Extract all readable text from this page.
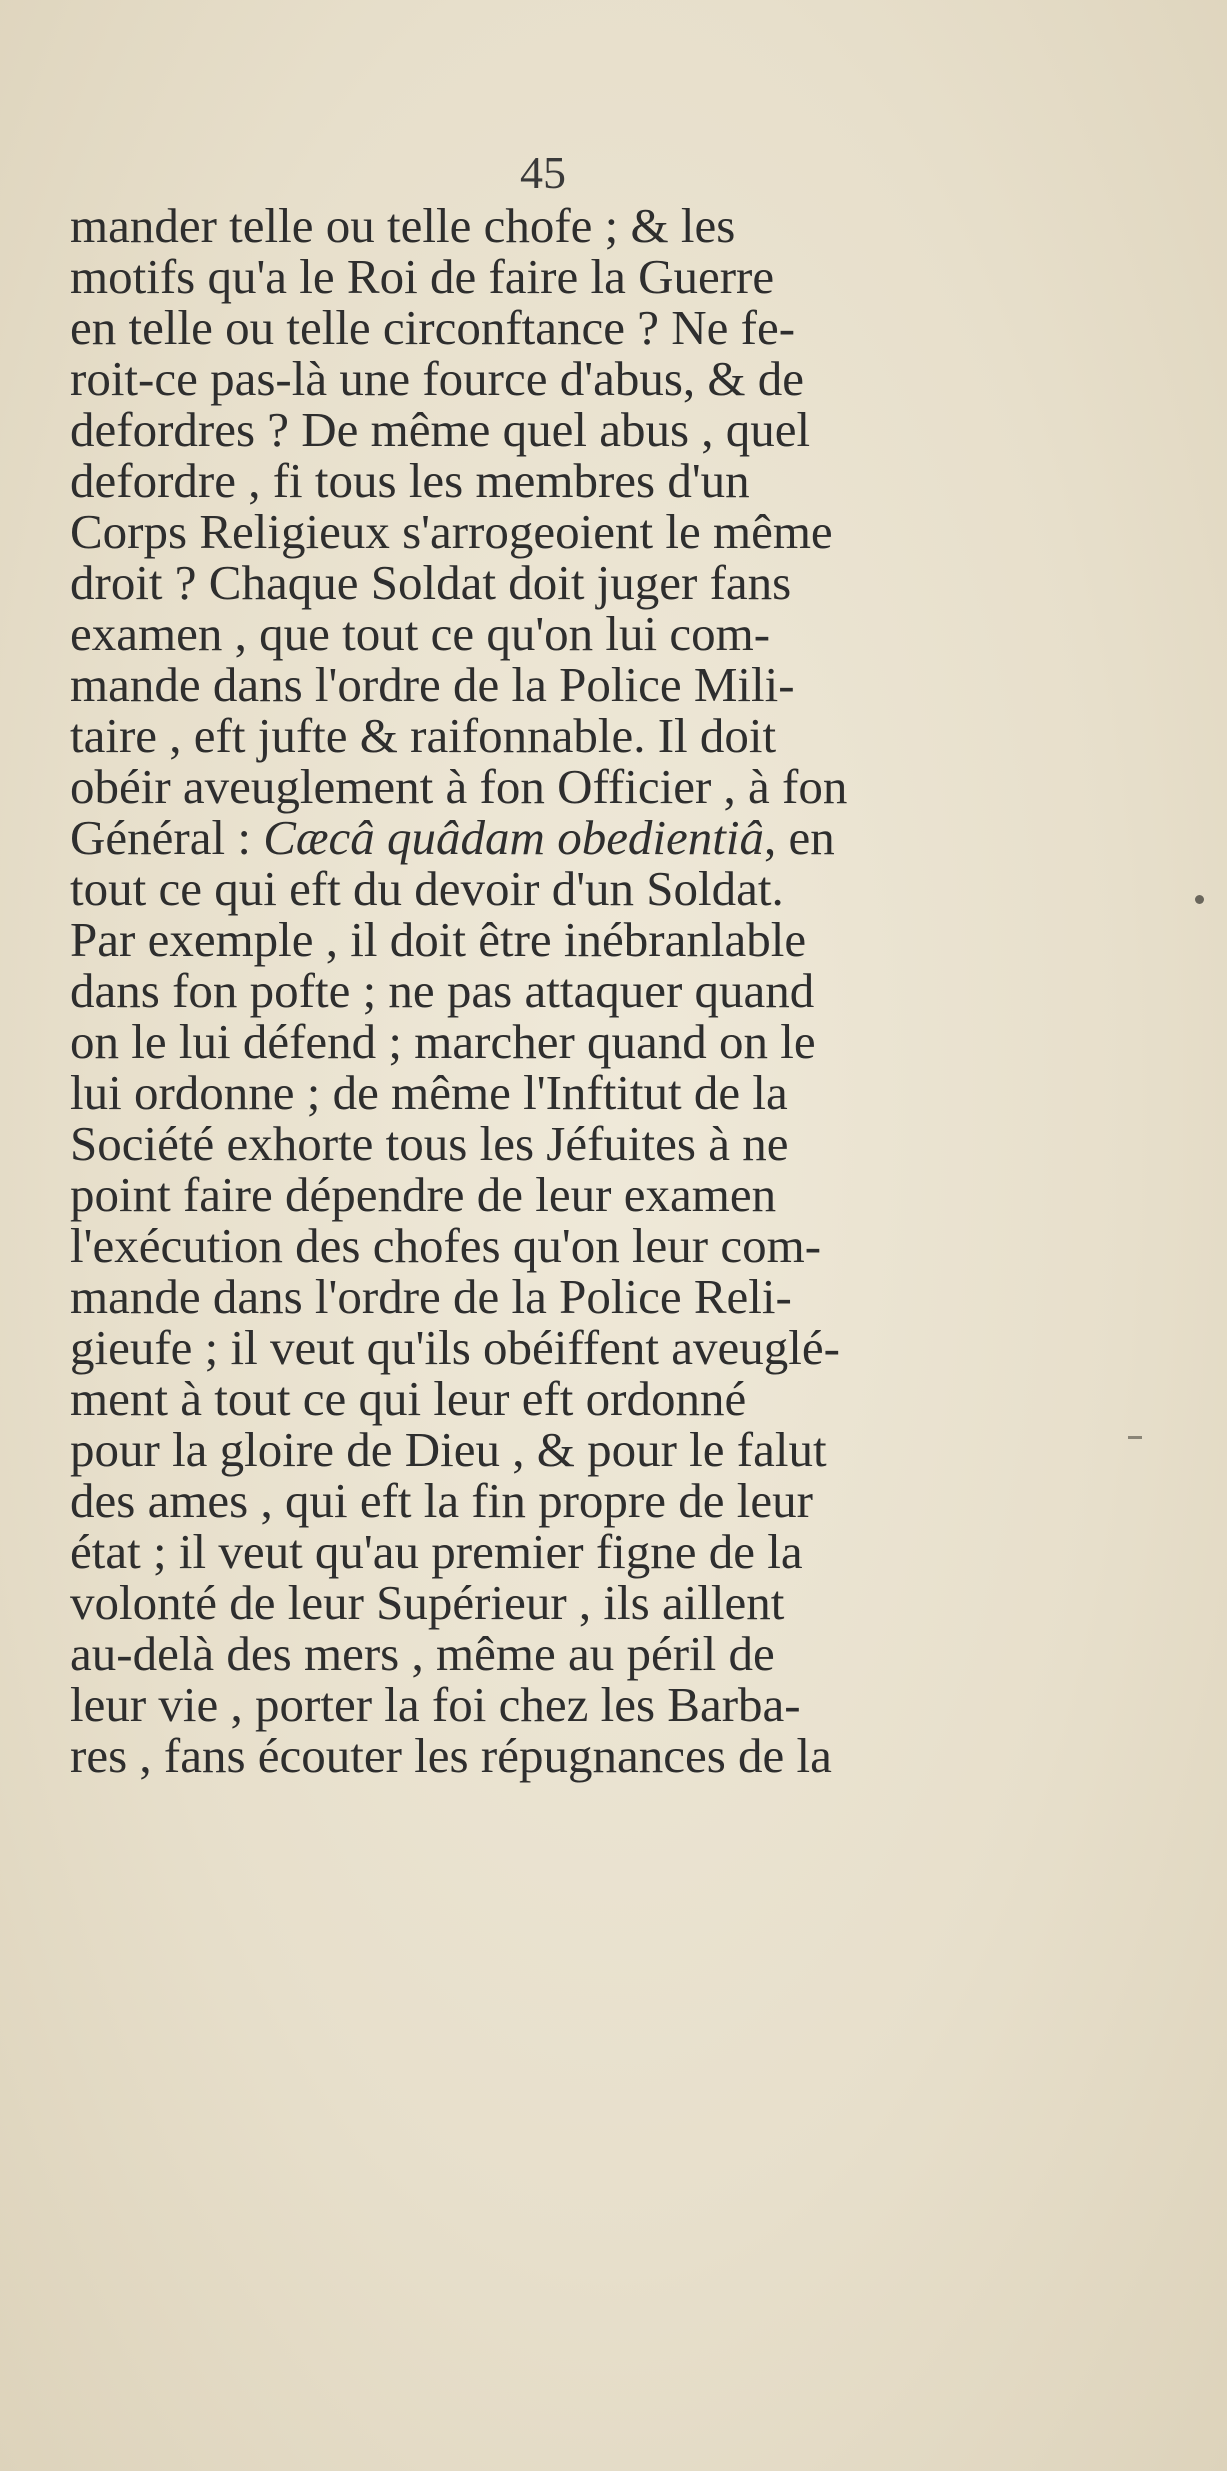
45
mander telle ou telle chofe ; & les
motifs qu'a le Roi de faire la Guerre
en telle ou telle circonftance ? Ne fe-
roit-ce pas-là une fource d'abus, & de
defordres ? De même quel abus , quel
defordre , fi tous les membres d'un
Corps Religieux s'arrogeoient le même
droit ? Chaque Soldat doit juger fans
examen , que tout ce qu'on lui com-
mande dans l'ordre de la Police Mili-
taire , eft jufte & raifonnable. Il doit
obéir aveuglement à fon Officier , à fon
Général : Cæcâ quâdam obedientiâ, en
tout ce qui eft du devoir d'un Soldat.
Par exemple , il doit être inébranlable
dans fon pofte ; ne pas attaquer quand
on le lui défend ; marcher quand on le
lui ordonne ; de même l'Inftitut de la
Société exhorte tous les Jéfuites à ne
point faire dépendre de leur examen
l'exécution des chofes qu'on leur com-
mande dans l'ordre de la Police Reli-
gieufe ; il veut qu'ils obéiffent aveuglé-
ment à tout ce qui leur eft ordonné
pour la gloire de Dieu , & pour le falut
des ames , qui eft la fin propre de leur
état ; il veut qu'au premier figne de la
volonté de leur Supérieur , ils aillent
au-delà des mers , même au péril de
leur vie , porter la foi chez les Barba-
res , fans écouter les répugnances de la
